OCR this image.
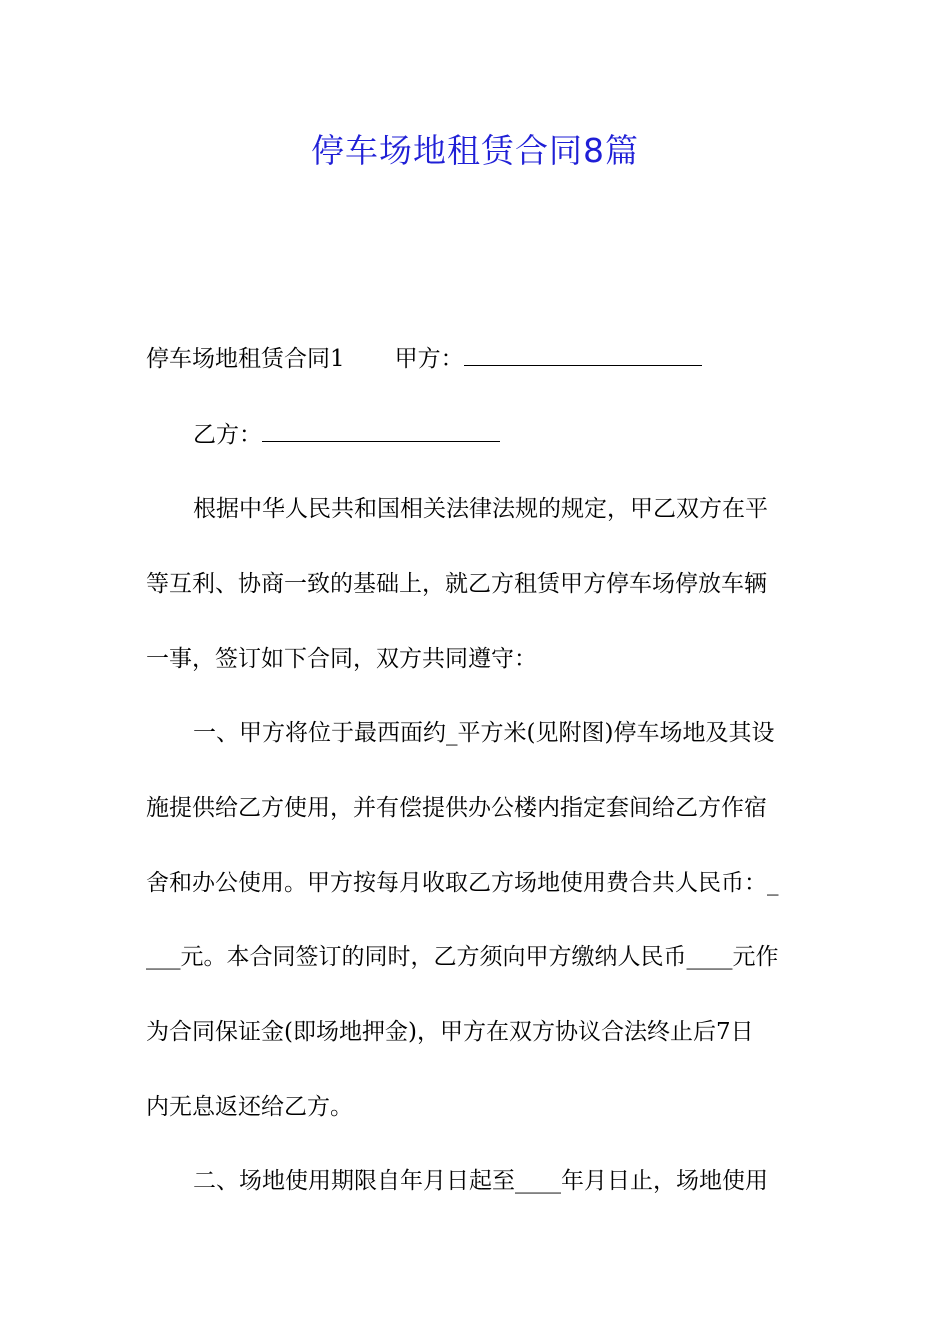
停车场地租赁合同8篇
停车场地租赁合同1 甲方：
乙方：
根据中华人民共和国相关法律法规的规定，甲乙双方在平
等互利、协商一致的基础上，就乙方租赁甲方停车场停放车辆
一事，签订如下合同，双方共同遵守：
一、甲方将位于最西面约_平方米(见附图)停车场地及其设
施提供给乙方使用，并有偿提供办公楼内指定套间给乙方作宿
舍和办公使用。甲方按每月收取乙方场地使用费合共人民币：_
___元。本合同签订的同时，乙方须向甲方缴纳人民币____元作
为合同保证金(即场地押金)，甲方在双方协议合法终止后7日
内无息返还给乙方。
二、场地使用期限自年月日起至____年月日止，场地使用
